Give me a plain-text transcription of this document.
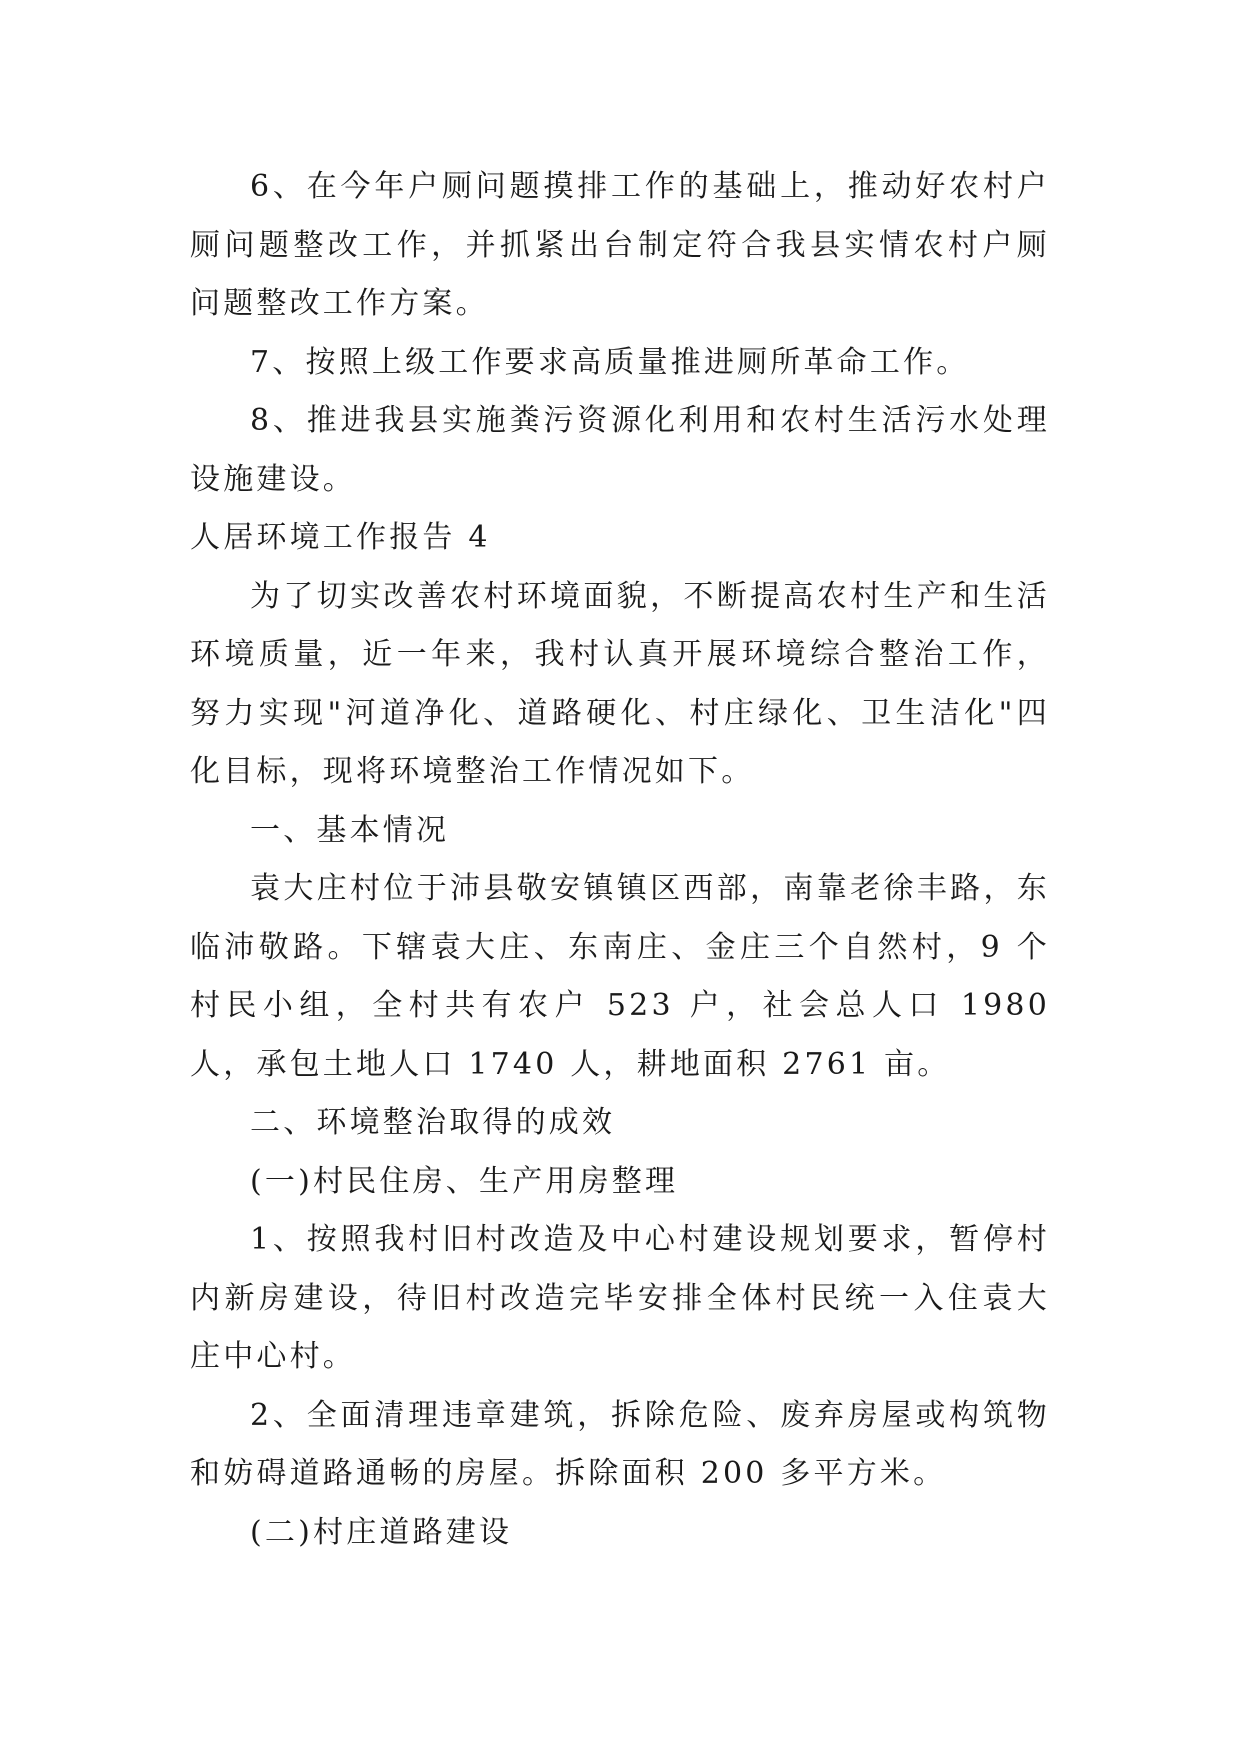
6、在今年户厕问题摸排工作的基础上，推动好农村户厕问题整改工作，并抓紧出台制定符合我县实情农村户厕问题整改工作方案。

7、按照上级工作要求高质量推进厕所革命工作。

8、推进我县实施粪污资源化利用和农村生活污水处理设施建设。

人居环境工作报告 4

为了切实改善农村环境面貌，不断提高农村生产和生活环境质量，近一年来，我村认真开展环境综合整治工作，努力实现"河道净化、道路硬化、村庄绿化、卫生洁化"四化目标，现将环境整治工作情况如下。

一、基本情况

袁大庄村位于沛县敬安镇镇区西部，南靠老徐丰路，东临沛敬路。下辖袁大庄、东南庄、金庄三个自然村，9 个村民小组，全村共有农户 523 户，社会总人口 1980 人，承包土地人口 1740 人，耕地面积 2761 亩。

二、环境整治取得的成效

(一)村民住房、生产用房整理

1、按照我村旧村改造及中心村建设规划要求，暂停村内新房建设，待旧村改造完毕安排全体村民统一入住袁大庄中心村。

2、全面清理违章建筑，拆除危险、废弃房屋或构筑物和妨碍道路通畅的房屋。拆除面积 200 多平方米。

(二)村庄道路建设
